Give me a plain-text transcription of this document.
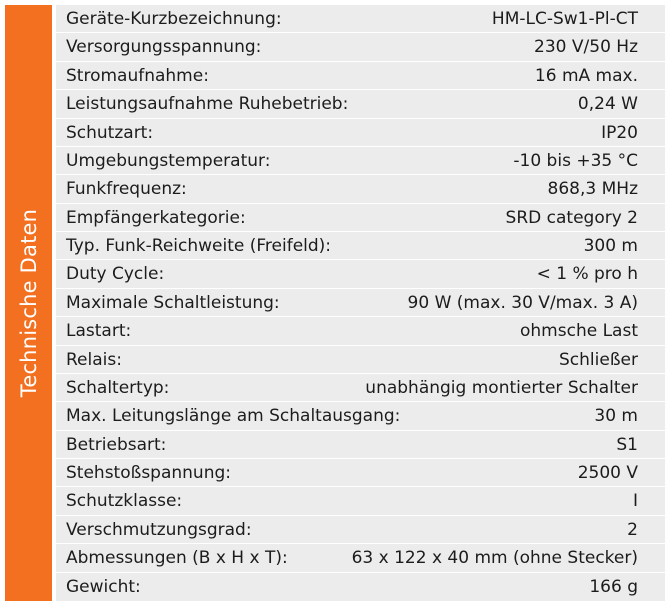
Technische Daten
Geräte-Kurzbezeichnung:	HM-LC-Sw1-Pl-CT
Versorgungsspannung:	230 V/50 Hz
Stromaufnahme:	16 mA max.
Leistungsaufnahme Ruhebetrieb:	0,24 W
Schutzart:	IP20
Umgebungstemperatur:	-10 bis +35 °C
Funkfrequenz:	868,3 MHz
Empfängerkategorie:	SRD category 2
Typ. Funk-Reichweite (Freifeld):	300 m
Duty Cycle:	< 1 % pro h
Maximale Schaltleistung:	90 W (max. 30 V/max. 3 A)
Lastart:	ohmsche Last
Relais:	Schließer
Schaltertyp:	unabhängig montierter Schalter
Max. Leitungslänge am Schaltausgang:	30 m
Betriebsart:	S1
Stehstoßspannung:	2500 V
Schutzklasse:	I
Verschmutzungsgrad:	2
Abmessungen (B x H x T):	63 x 122 x 40 mm (ohne Stecker)
Gewicht:	166 g
